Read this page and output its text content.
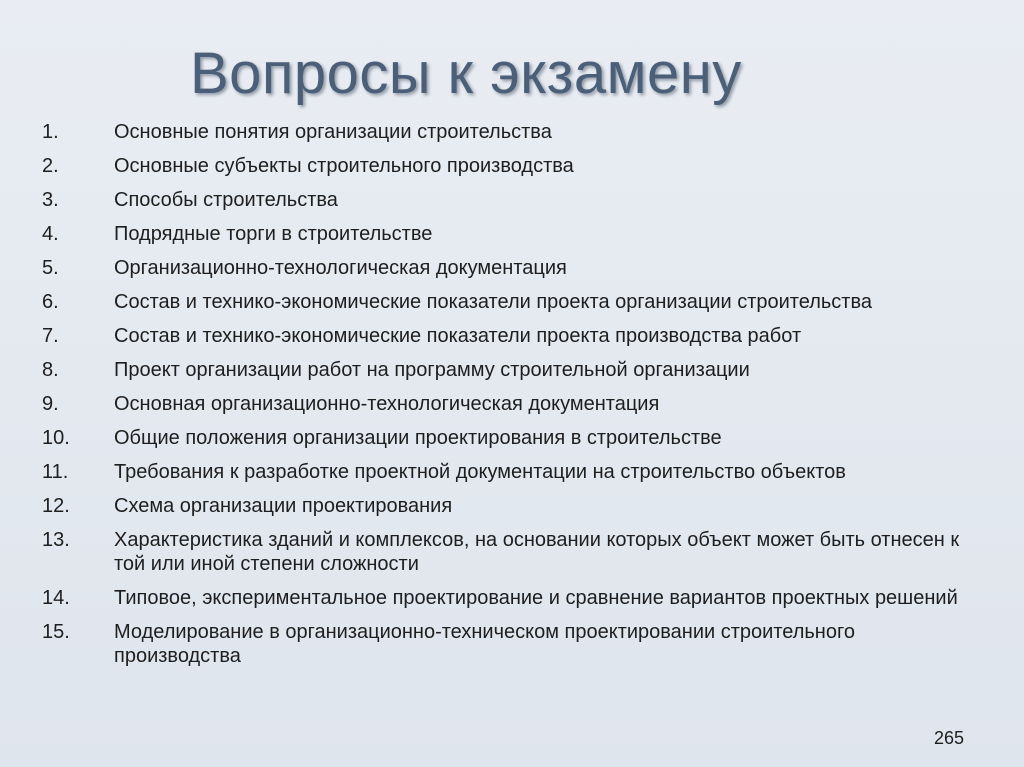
Вопросы к экзамену
1.	Основные понятия организации строительства
2.	Основные субъекты строительного производства
3.	Способы строительства
4.	Подрядные торги в строительстве
5.	Организационно-технологическая документация
6.	Состав и технико-экономические показатели проекта организации строительства
7.	Состав и технико-экономические показатели проекта производства работ
8.	Проект организации работ на программу строительной организации
9.	Основная организационно-технологическая документация
10.	Общие положения организации проектирования в строительстве
11.	Требования к разработке проектной документации на строительство объектов
12.	Схема организации проектирования
13.	Характеристика зданий и комплексов, на основании которых объект может быть отнесен к той или иной степени сложности
14.	Типовое, экспериментальное проектирование и сравнение вариантов проектных решений
15.	Моделирование в организационно-техническом проектировании строительного производства
265
